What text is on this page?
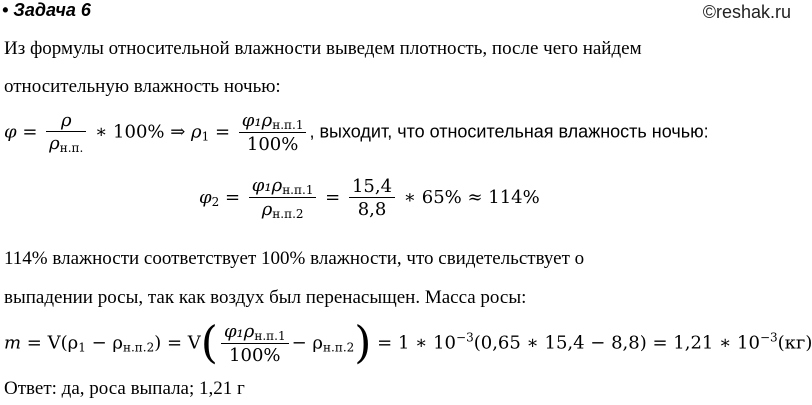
• Задача 6	©reshak.ru
Из формулы относительной влажности выведем плотность, после чего найдем
относительную влажность ночью:
$\varphi = \frac{\rho}{\rho_{н.п.}}$ ∗ 100% ⇒ $\rho_1 = \frac{\varphi_1\rho_{н.п.1}}{100\%}$ , выходит, что относительная влажность ночью:
$\varphi_2 = \frac{\varphi_1\rho_{н.п.1}}{\rho_{н.п.2}} = \frac{15,4}{8,8}$ ∗ 65% ≈ 114%
114% влажности соответствует 100% влажности, что свидетельствует о
выпадении росы, так как воздух был перенасыщен. Масса росы:
$m = V(\rho_1 - \rho_{н.п.2}) = V( \frac{\varphi_1\rho_{н.п.1}}{100\%} - \rho_{н.п.2}) = 1$ ∗ $10^{-3}(0,65$ ∗ 15,4 − 8,8) = 1,21 ∗ $10^{-3}(кг)$
Ответ: да, роса выпала; 1,21 г
